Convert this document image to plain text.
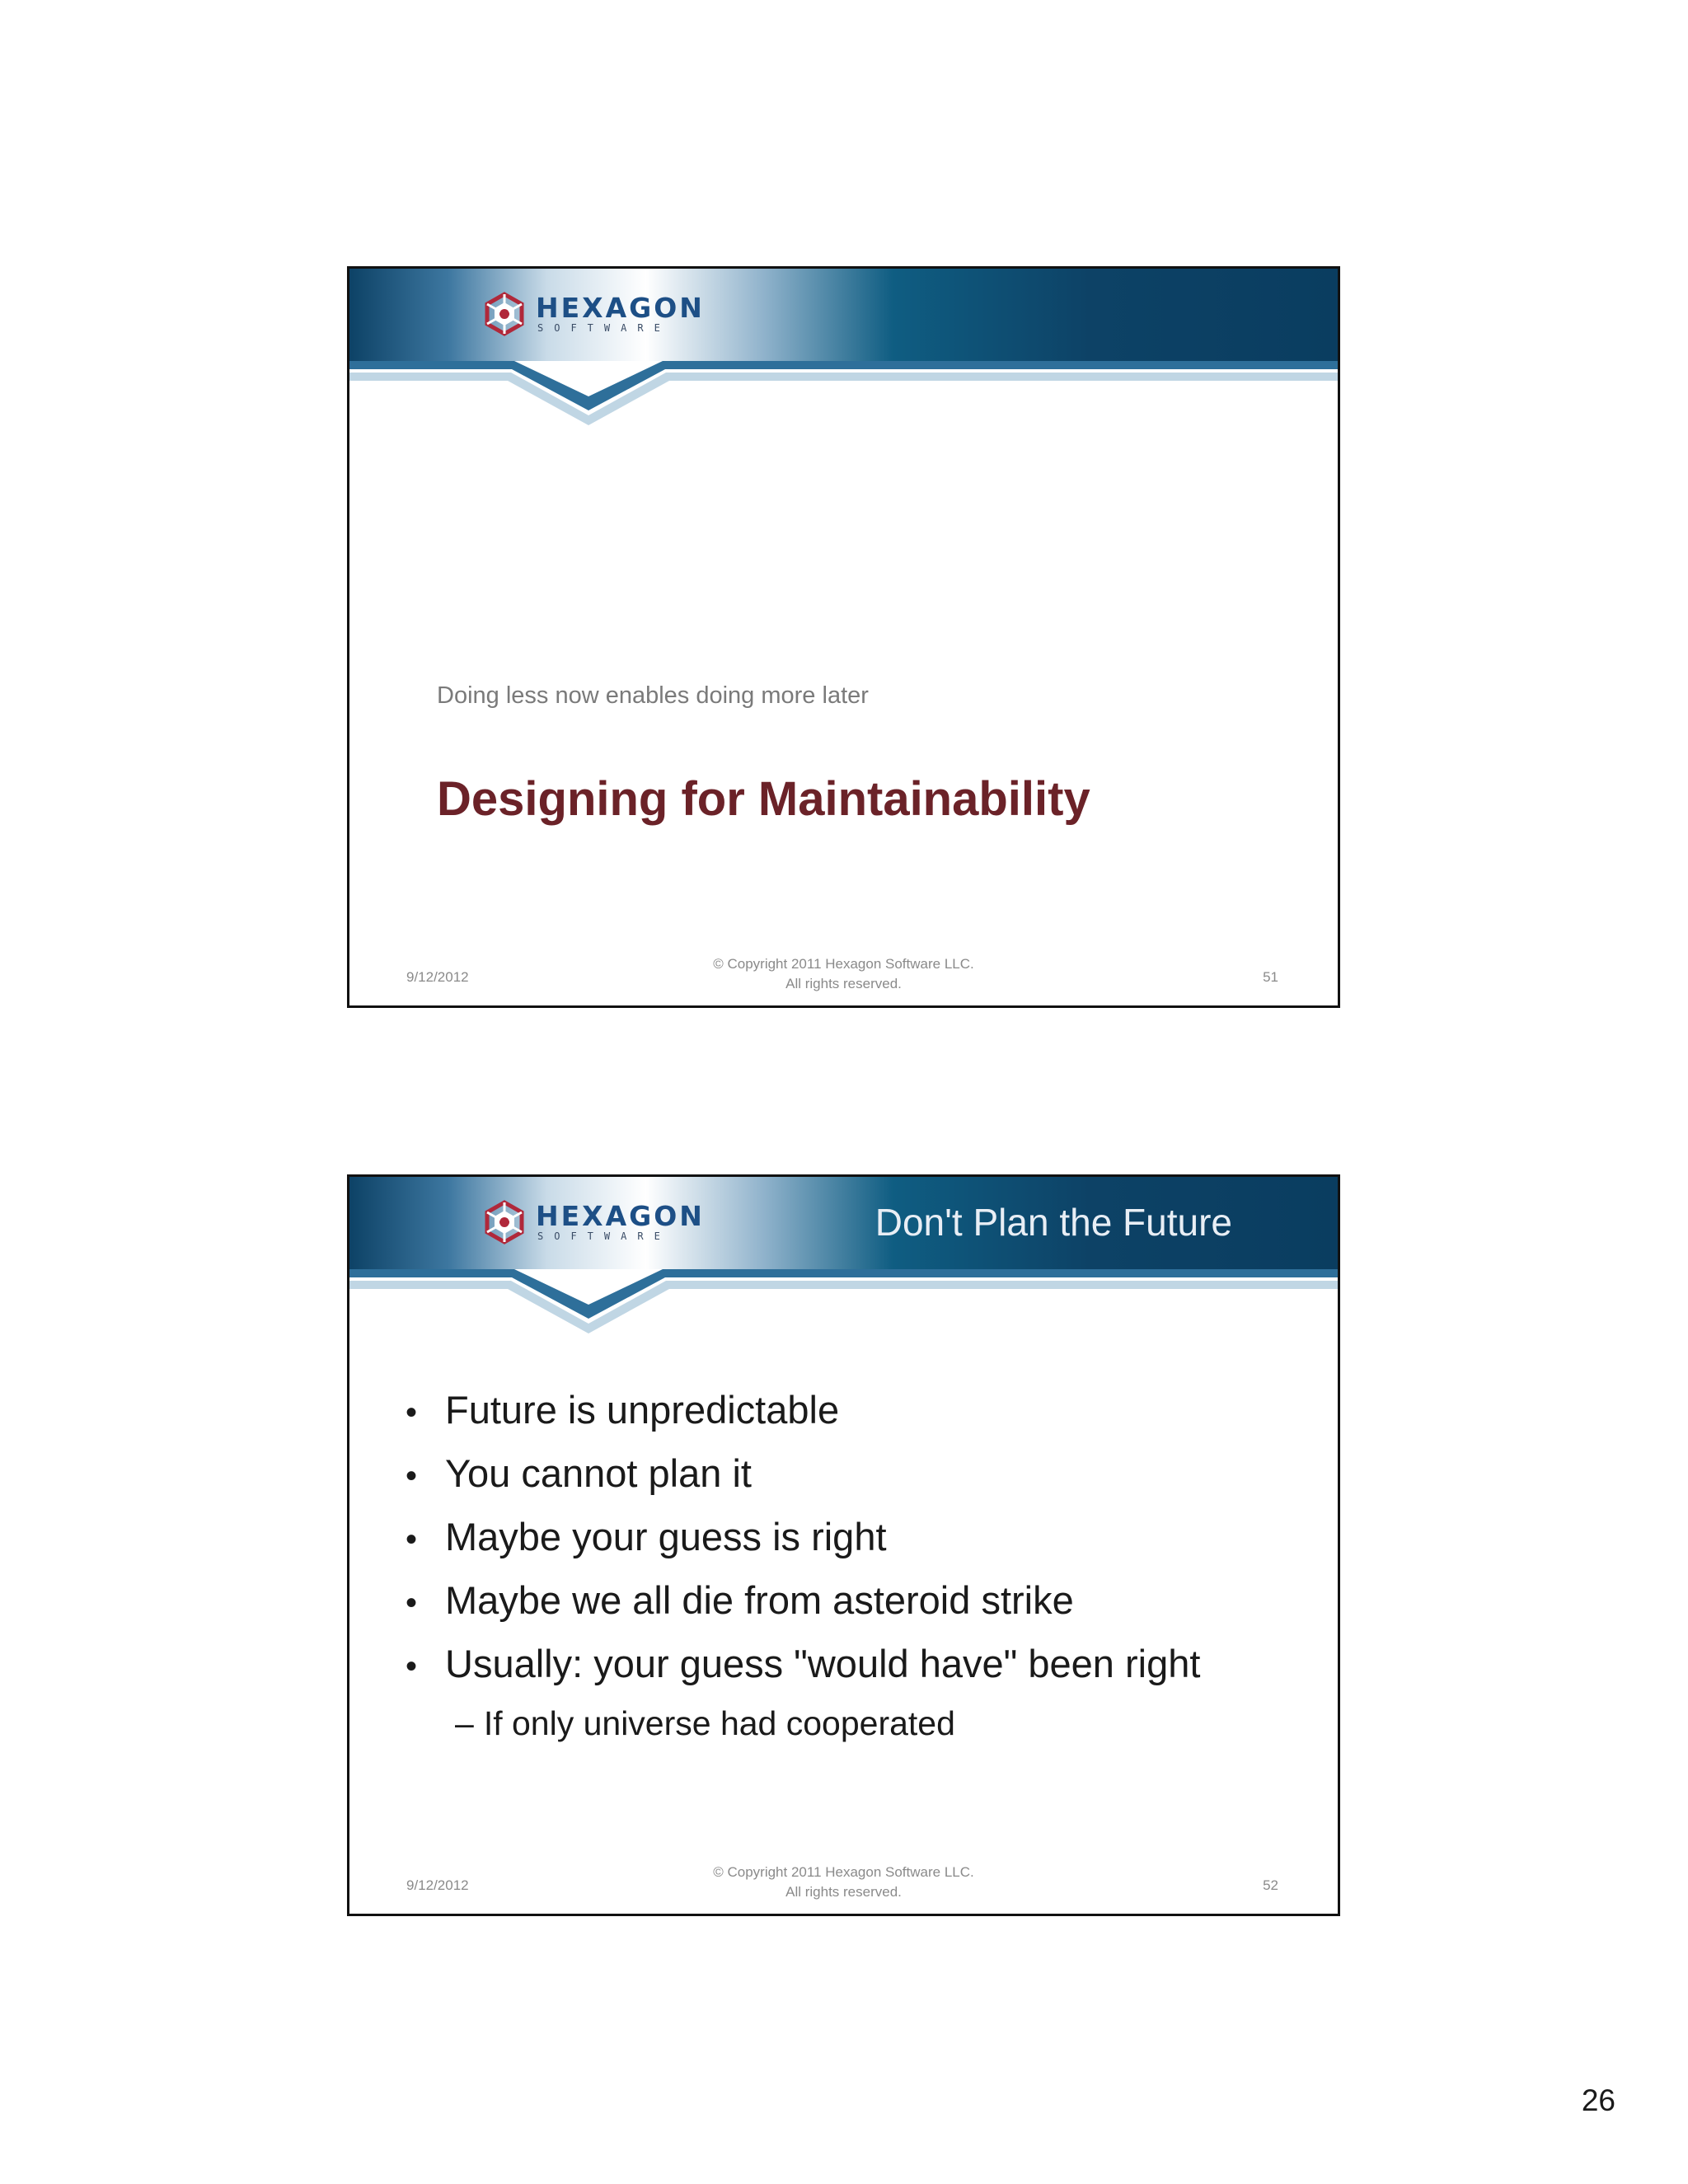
HEXAGON
SOFTWARE
Doing less now enables doing more later
Designing for Maintainability
9/12/2012
© Copyright 2011 Hexagon Software LLC.
All rights reserved.	51
HEXAGON
SOFTWARE	Don't Plan the Future
• Future is unpredictable
• You cannot plan it
• Maybe your guess is right
• Maybe we all die from asteroid strike
• Usually: your guess "would have" been right
– If only universe had cooperated
9/12/2012
© Copyright 2011 Hexagon Software LLC.
All rights reserved.	52
26
